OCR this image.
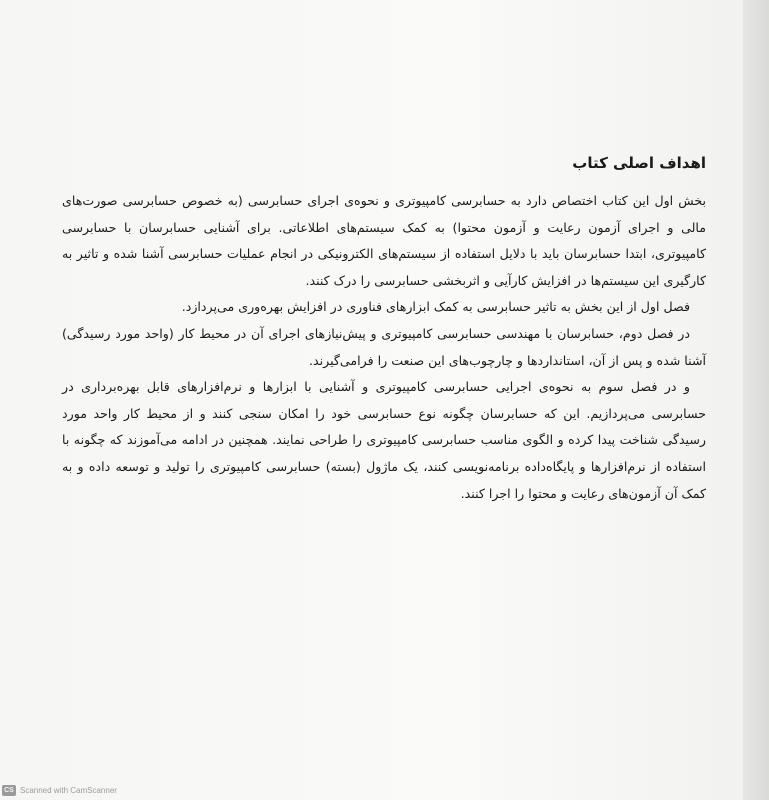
اهداف اصلی کتاب

بخش اول این کتاب اختصاص دارد به حسابرسی کامپیوتری و نحوه‌ی اجرای حسابرسی (به خصوص حسابرسی صورت‌های مالی و اجرای آزمون رعایت و آزمون محتوا) به کمک سیستم‌های اطلاعاتی. برای آشنایی حسابرسان با حسابرسی کامپیوتری، ابتدا حسابرسان باید با دلایل استفاده از سیستم‌های الکترونیکی در انجام عملیات حسابرسی آشنا شده و تاثیر به کارگیری این سیستم‌ها در افزایش کارآیی و اثربخشی حسابرسی را درک کنند.

فصل اول از این بخش به تاثیر حسابرسی به کمک ابزارهای فناوری در افزایش بهره‌وری می‌پردازد.

در فصل دوم، حسابرسان با مهندسی حسابرسی کامپیوتری و پیش‌نیازهای اجرای آن در محیط کار (واحد مورد رسیدگی) آشنا شده و پس از آن، استانداردها و چارچوب‌های این صنعت را فرامی‌گیرند.

و در فصل سوم به نحوه‌ی اجرایی حسابرسی کامپیوتری و آشنایی با ابزارها و نرم‌افزارهای قابل بهره‌برداری در حسابرسی می‌پردازیم. این که حسابرسان چگونه نوع حسابرسی خود را امکان سنجی کنند و از محیط کار واحد مورد رسیدگی شناخت پیدا کرده و الگوی مناسب حسابرسی کامپیوتری را طراحی نمایند. همچنین در ادامه می‌آموزند که چگونه با استفاده از نرم‌افزارها و پایگاه‌داده برنامه‌نویسی کنند، یک ماژول (بسته) حسابرسی کامپیوتری را تولید و توسعه داده و به کمک آن آزمون‌های رعایت و محتوا را اجرا کنند.

CS Scanned with CamScanner
